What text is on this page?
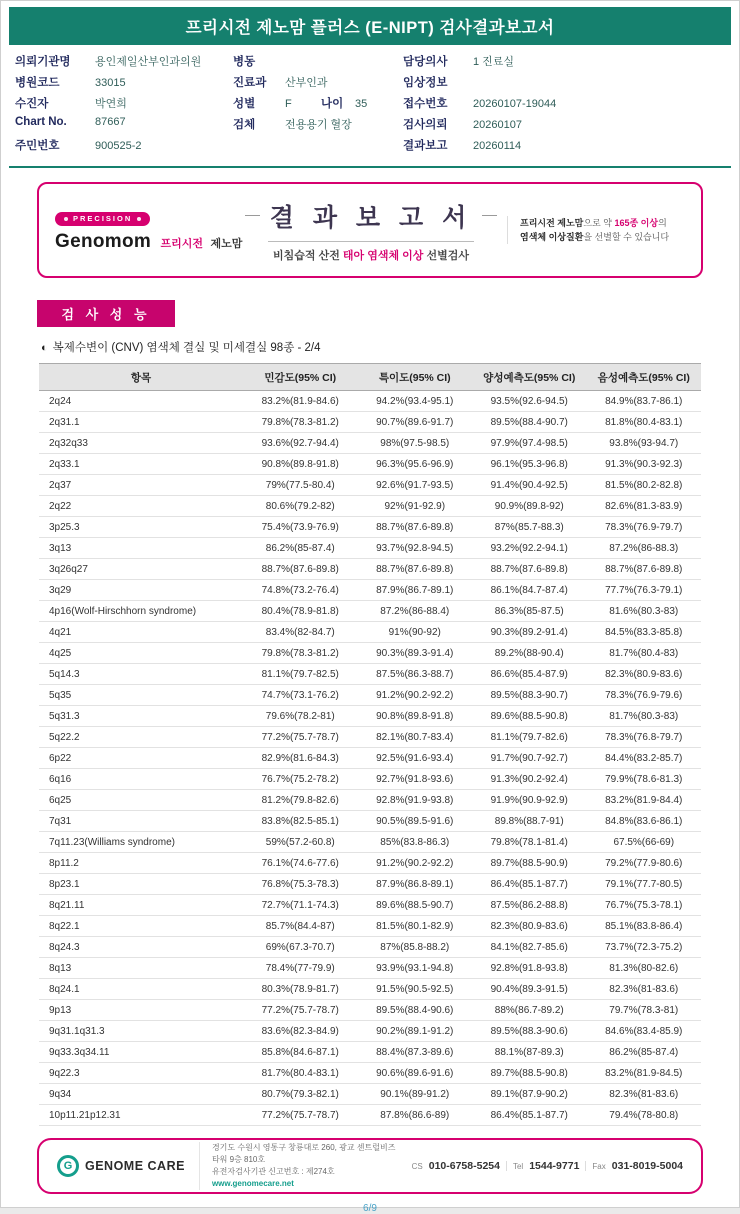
프리시전 제노맘 플러스 (E-NIPT) 검사결과보고서
의뢰기관명	용인제일산부인과의원
병원코드	33015
수진자	박연희
Chart No.	87667
주민번호	900525-2
병동
진료과	산부인과
성별	F	나이	35
검체	전용용기 혈장
담당의사	1 진료실
임상정보
접수번호	20260107-19044
검사의뢰	20260107
결과보고	20260114
PRECISION
Genomom 프리시전 제노맘
결 과 보 고 서
비침습적 산전 태아 염색체 이상 선별검사
프리시전 제노맘으로 약 165종 이상의
염색체 이상질환을 선별할 수 있습니다
검 사 성 능
◐ 복제수변이 (CNV) 염색체 결실 및 미세결실 98종 - 2/4
항목	민감도(95% CI)	특이도(95% CI)	양성예측도(95% CI)	음성예측도(95% CI)
2q24	83.2%(81.9-84.6)	94.2%(93.4-95.1)	93.5%(92.6-94.5)	84.9%(83.7-86.1)
2q31.1	79.8%(78.3-81.2)	90.7%(89.6-91.7)	89.5%(88.4-90.7)	81.8%(80.4-83.1)
2q32q33	93.6%(92.7-94.4)	98%(97.5-98.5)	97.9%(97.4-98.5)	93.8%(93-94.7)
2q33.1	90.8%(89.8-91.8)	96.3%(95.6-96.9)	96.1%(95.3-96.8)	91.3%(90.3-92.3)
2q37	79%(77.5-80.4)	92.6%(91.7-93.5)	91.4%(90.4-92.5)	81.5%(80.2-82.8)
2q22	80.6%(79.2-82)	92%(91-92.9)	90.9%(89.8-92)	82.6%(81.3-83.9)
3p25.3	75.4%(73.9-76.9)	88.7%(87.6-89.8)	87%(85.7-88.3)	78.3%(76.9-79.7)
3q13	86.2%(85-87.4)	93.7%(92.8-94.5)	93.2%(92.2-94.1)	87.2%(86-88.3)
3q26q27	88.7%(87.6-89.8)	88.7%(87.6-89.8)	88.7%(87.6-89.8)	88.7%(87.6-89.8)
3q29	74.8%(73.2-76.4)	87.9%(86.7-89.1)	86.1%(84.7-87.4)	77.7%(76.3-79.1)
4p16(Wolf-Hirschhorn syndrome)	80.4%(78.9-81.8)	87.2%(86-88.4)	86.3%(85-87.5)	81.6%(80.3-83)
4q21	83.4%(82-84.7)	91%(90-92)	90.3%(89.2-91.4)	84.5%(83.3-85.8)
4q25	79.8%(78.3-81.2)	90.3%(89.3-91.4)	89.2%(88-90.4)	81.7%(80.4-83)
5q14.3	81.1%(79.7-82.5)	87.5%(86.3-88.7)	86.6%(85.4-87.9)	82.3%(80.9-83.6)
5q35	74.7%(73.1-76.2)	91.2%(90.2-92.2)	89.5%(88.3-90.7)	78.3%(76.9-79.6)
5q31.3	79.6%(78.2-81)	90.8%(89.8-91.8)	89.6%(88.5-90.8)	81.7%(80.3-83)
5q22.2	77.2%(75.7-78.7)	82.1%(80.7-83.4)	81.1%(79.7-82.6)	78.3%(76.8-79.7)
6p22	82.9%(81.6-84.3)	92.5%(91.6-93.4)	91.7%(90.7-92.7)	84.4%(83.2-85.7)
6q16	76.7%(75.2-78.2)	92.7%(91.8-93.6)	91.3%(90.2-92.4)	79.9%(78.6-81.3)
6q25	81.2%(79.8-82.6)	92.8%(91.9-93.8)	91.9%(90.9-92.9)	83.2%(81.9-84.4)
7q31	83.8%(82.5-85.1)	90.5%(89.5-91.6)	89.8%(88.7-91)	84.8%(83.6-86.1)
7q11.23(Williams syndrome)	59%(57.2-60.8)	85%(83.8-86.3)	79.8%(78.1-81.4)	67.5%(66-69)
8p11.2	76.1%(74.6-77.6)	91.2%(90.2-92.2)	89.7%(88.5-90.9)	79.2%(77.9-80.6)
8p23.1	76.8%(75.3-78.3)	87.9%(86.8-89.1)	86.4%(85.1-87.7)	79.1%(77.7-80.5)
8q21.11	72.7%(71.1-74.3)	89.6%(88.5-90.7)	87.5%(86.2-88.8)	76.7%(75.3-78.1)
8q22.1	85.7%(84.4-87)	81.5%(80.1-82.9)	82.3%(80.9-83.6)	85.1%(83.8-86.4)
8q24.3	69%(67.3-70.7)	87%(85.8-88.2)	84.1%(82.7-85.6)	73.7%(72.3-75.2)
8q13	78.4%(77-79.9)	93.9%(93.1-94.8)	92.8%(91.8-93.8)	81.3%(80-82.6)
8q24.1	80.3%(78.9-81.7)	91.5%(90.5-92.5)	90.4%(89.3-91.5)	82.3%(81-83.6)
9p13	77.2%(75.7-78.7)	89.5%(88.4-90.6)	88%(86.7-89.2)	79.7%(78.3-81)
9q31.1q31.3	83.6%(82.3-84.9)	90.2%(89.1-91.2)	89.5%(88.3-90.6)	84.6%(83.4-85.9)
9q33.3q34.11	85.8%(84.6-87.1)	88.4%(87.3-89.6)	88.1%(87-89.3)	86.2%(85-87.4)
9q22.3	81.7%(80.4-83.1)	90.6%(89.6-91.6)	89.7%(88.5-90.8)	83.2%(81.9-84.5)
9q34	80.7%(79.3-82.1)	90.1%(89-91.2)	89.1%(87.9-90.2)	82.3%(81-83.6)
10p11.21p12.31	77.2%(75.7-78.7)	87.8%(86.6-89)	86.4%(85.1-87.7)	79.4%(78-80.8)
G	GENOME CARE
경기도 수원시 영통구 창룡대로 260, 광교 센트럴비즈타워 9층 810호
유전자검사기관 신고번호 : 제274호
www.genomecare.net
CS 010-6758-5254 Tel 1544-9771 Fax 031-8019-5004
6/9
